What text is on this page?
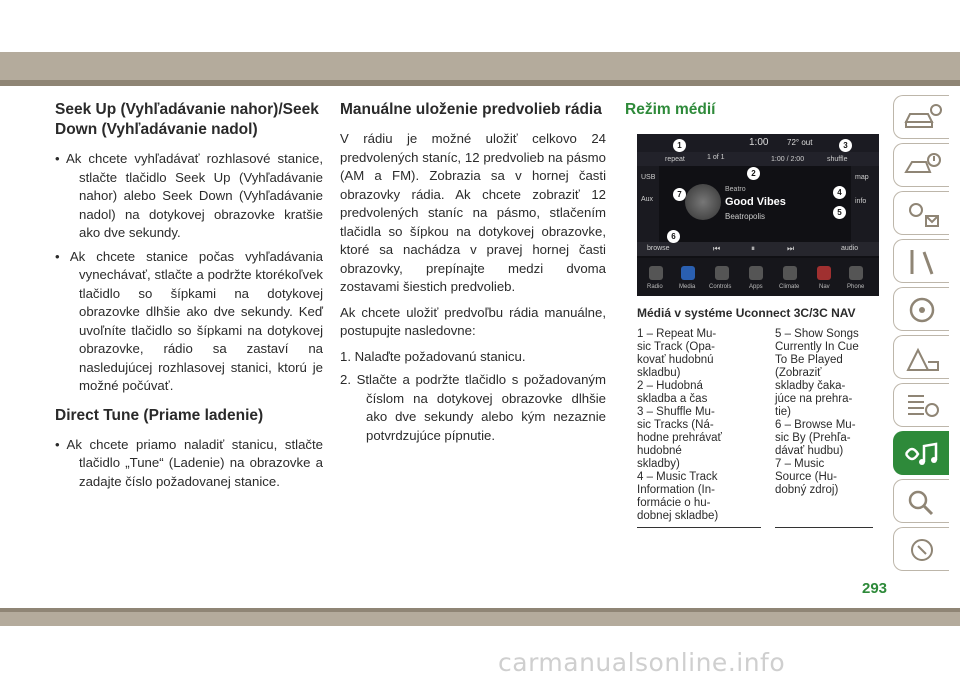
Seek Up (Vyhľadávanie nahor)/Seek Down (Vyhľadávanie nadol)
• Ak chcete vyhľadávať rozhlasové stanice, stlačte tlačidlo Seek Up (Vyhľadávanie nahor) alebo Seek Down (Vyhľadávanie nadol) na dotykovej obrazovke kratšie ako dve sekundy.
• Ak chcete stanice počas vyhľadávania vynechávať, stlačte a podržte ktorékoľvek tlačidlo so šípkami na dotykovej obrazovke dlhšie ako dve sekundy. Keď uvoľníte tlačidlo so šípkami na dotykovej obrazovke, rádio sa zastaví na nasledujúcej rozhlasovej stanici, ktorú je možné počúvať.
Direct Tune (Priame ladenie)
• Ak chcete priamo naladiť stanicu, stlačte tlačidlo „Tune“ (Ladenie) na obrazovke a zadajte číslo požadovanej stanice.
Manuálne uloženie predvolieb rádia

V rádiu je možné uložiť celkovo 24 predvolených staníc, 12 predvolieb na pásmo (AM a FM). Zobrazia sa v hornej časti obrazovky rádia. Ak chcete zobraziť 12 predvolených staníc na pásmo, stlačením tlačidla so šípkou na dotykovej obrazovke, ktoré sa nachádza v pravej hornej časti obrazovky, prepínajte medzi dvoma zostavami šiestich predvolieb.

Ak chcete uložiť predvoľbu rádia manuálne, postupujte nasledovne:

1. Nalaďte požadovanú stanicu.
2. Stlačte a podržte tlačidlo s požadovaným číslom na dotykovej obrazovke dlhšie ako dve sekundy alebo kým nezaznie potvrdzujúce pípnutie.
Režim médií
1:00 72° out
repeat	1 of 1	1:00 / 2:00	shuffle
USB
Aux
map
info
Beatro
Good Vibes
Beatropolis
browse	audio
⏮	⏸	⏭
Radio	Media Controls	Apps	Climate	Nav	Phone
1
2
3
4
5
6
7
Médiá v systéme Uconnect 3C/3C NAV
1 – Repeat Mu-
sic Track (Opa-
kovať hudobnú
skladbu)
2 – Hudobná
skladba a čas
3 – Shuffle Mu-
sic Tracks (Ná-
hodne prehrávať
hudobné
skladby)
4 – Music Track
Information (In-
formácie o hu-
dobnej skladbe)
5 – Show Songs
Currently In Cue
To Be Played
(Zobraziť
skladby čaka-
júce na prehra-
tie)
6 – Browse Mu-
sic By (Prehľa-
dávať hudbu)
7 – Music
Source (Hu-
dobný zdroj)
293
carmanualsonline.info
